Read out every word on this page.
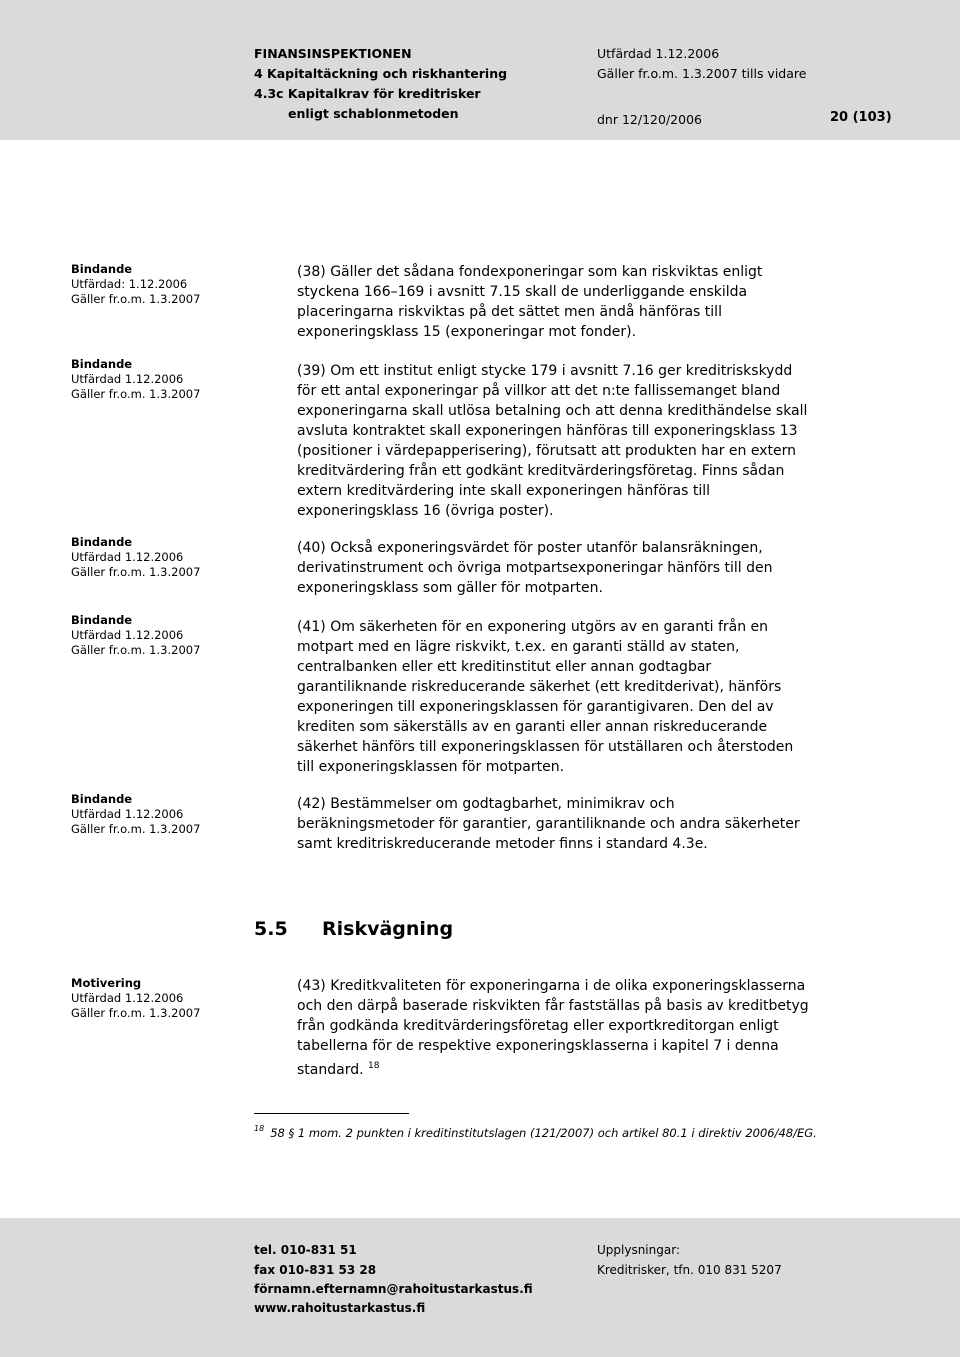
FINANSINSPEKTIONEN
4 Kapitaltäckning och riskhantering
4.3c Kapitalkrav för kreditrisker
enligt schablonmetoden
Utfärdad 1.12.2006
Gäller fr.o.m. 1.3.2007 tills vidare
dnr 12/120/2006	20 (103)
Bindande
Utfärdad: 1.12.2006
Gäller fr.o.m. 1.3.2007
Bindande
Utfärdad 1.12.2006
Gäller fr.o.m. 1.3.2007
Bindande
Utfärdad 1.12.2006
Gäller fr.o.m. 1.3.2007
Bindande
Utfärdad 1.12.2006
Gäller fr.o.m. 1.3.2007
Bindande
Utfärdad 1.12.2006
Gäller fr.o.m. 1.3.2007
Motivering
Utfärdad 1.12.2006
Gäller fr.o.m. 1.3.2007
(38) Gäller det sådana fondexponeringar som kan riskviktas enligt
styckena 166–169 i avsnitt 7.15 skall de underliggande enskilda
placeringarna riskviktas på det sättet men ändå hänföras till
exponeringsklass 15 (exponeringar mot fonder).
(39) Om ett institut enligt stycke 179 i avsnitt 7.16 ger kreditriskskydd
för ett antal exponeringar på villkor att det n:te fallissemanget bland
exponeringarna skall utlösa betalning och att denna kredithändelse skall
avsluta kontraktet skall exponeringen hänföras till exponeringsklass 13
(positioner i värdepapperisering), förutsatt att produkten har en extern
kreditvärdering från ett godkänt kreditvärderingsföretag. Finns sådan
extern kreditvärdering inte skall exponeringen hänföras till
exponeringsklass 16 (övriga poster).
(40) Också exponeringsvärdet för poster utanför balansräkningen,
derivatinstrument och övriga motpartsexponeringar hänförs till den
exponeringsklass som gäller för motparten.
(41) Om säkerheten för en exponering utgörs av en garanti från en
motpart med en lägre riskvikt, t.ex. en garanti ställd av staten,
centralbanken eller ett kreditinstitut eller annan godtagbar
garantiliknande riskreducerande säkerhet (ett kreditderivat), hänförs
exponeringen till exponeringsklassen för garantigivaren. Den del av
krediten som säkerställs av en garanti eller annan riskreducerande
säkerhet hänförs till exponeringsklassen för utställaren och återstoden
till exponeringsklassen för motparten.
(42) Bestämmelser om godtagbarhet, minimikrav och
beräkningsmetoder för garantier, garantiliknande och andra säkerheter
samt kreditriskreducerande metoder finns i standard 4.3e.
5.5 Riskvägning
(43) Kreditkvaliteten för exponeringarna i de olika exponeringsklasserna
och den därpå baserade riskvikten får fastställas på basis av kreditbetyg
från godkända kreditvärderingsföretag eller exportkreditorgan enligt
tabellerna för de respektive exponeringsklasserna i kapitel 7 i denna
standard. $^{18}$
$^{18}$ 58 § 1 mom. 2 punkten i kreditinstitutslagen (121/2007) och artikel 80.1 i direktiv 2006/48/EG.
tel. 010-831 51
fax 010-831 53 28
förnamn.efternamn@rahoitustarkastus.fi
www.rahoitustarkastus.fi
Upplysningar:
Kreditrisker, tfn. 010 831 5207
